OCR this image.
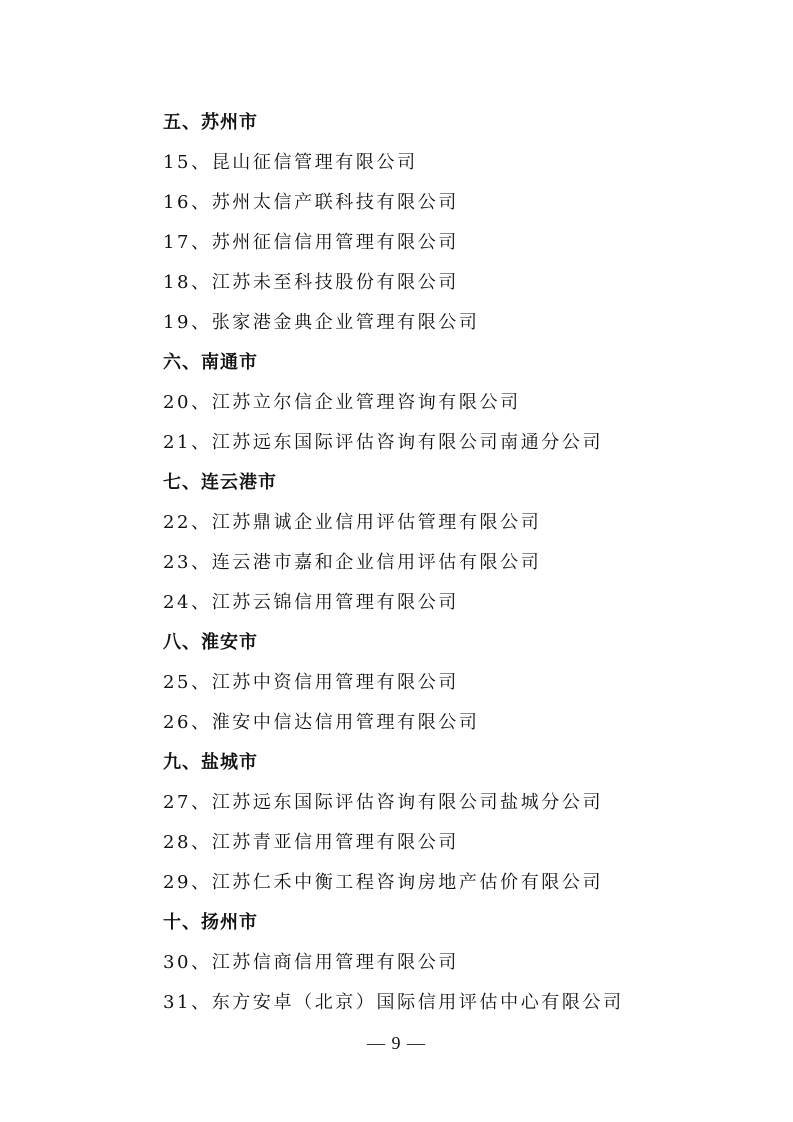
五、苏州市
15、昆山征信管理有限公司
16、苏州太信产联科技有限公司
17、苏州征信信用管理有限公司
18、江苏未至科技股份有限公司
19、张家港金典企业管理有限公司
六、南通市
20、江苏立尔信企业管理咨询有限公司
21、江苏远东国际评估咨询有限公司南通分公司
七、连云港市
22、江苏鼎诚企业信用评估管理有限公司
23、连云港市嘉和企业信用评估有限公司
24、江苏云锦信用管理有限公司
八、淮安市
25、江苏中资信用管理有限公司
26、淮安中信达信用管理有限公司
九、盐城市
27、江苏远东国际评估咨询有限公司盐城分公司
28、江苏青亚信用管理有限公司
29、江苏仁禾中衡工程咨询房地产估价有限公司
十、扬州市
30、江苏信商信用管理有限公司
31、东方安卓（北京）国际信用评估中心有限公司
— 9 —
